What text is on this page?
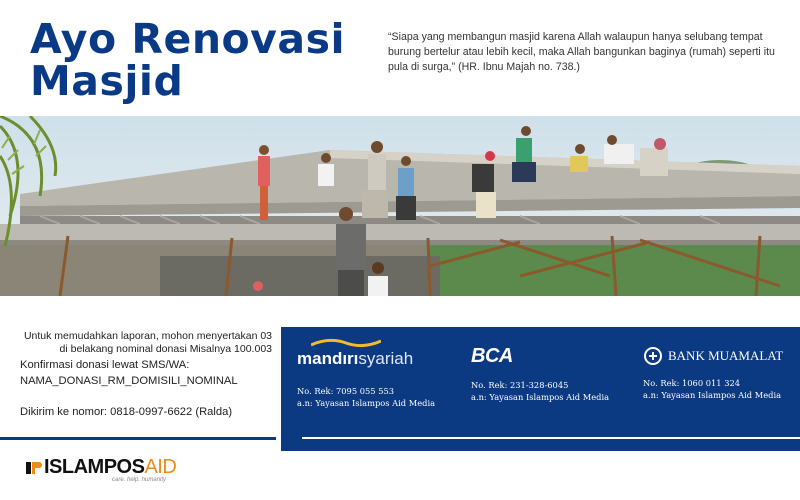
Ayo Renovasi
Masjid
“Siapa yang membangun masjid karena Allah walaupun hanya selubang tempat burung bertelur atau lebih kecil, maka Allah bangunkan baginya (rumah) seperti itu pula di surga,” (HR. Ibnu Majah no. 738.)
Untuk memudahkan laporan, mohon menyertakan 03 di belakang nominal donasi Misalnya 100.003
Konfirmasi donasi lewat SMS/WA:
NAMA_DONASI_RM_DOMISILI_NOMINAL
Dikirim ke nomor: 0818-0997-6622 (Ralda)
mandırısyariah
No. Rek: 7095 055 553
a.n: Yayasan Islampos Aid Media
BCA
No. Rek: 231-328-6045
a.n: Yayasan Islampos Aid Media
BANK MUAMALAT
No. Rek: 1060 011 324
a.n: Yayasan Islampos Aid Media
ISLAMPOS AID
care. help. humanity
